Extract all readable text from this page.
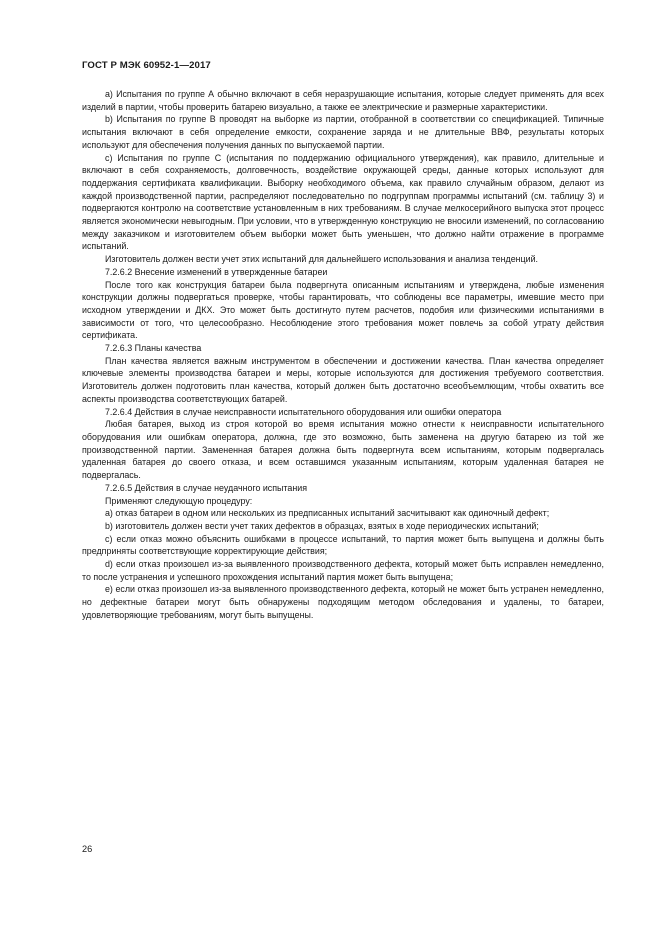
ГОСТ Р МЭК 60952-1—2017

а) Испытания по группе А обычно включают в себя неразрушающие испытания, которые следует применять для всех изделий в партии, чтобы проверить батарею визуально, а также ее электрические и размерные характеристики.

b) Испытания по группе В проводят на выборке из партии, отобранной в соответствии со спецификацией. Типичные испытания включают в себя определение емкости, сохранение заряда и не длительные ВВФ, результаты которых используют для обеспечения получения данных по выпускаемой партии.

с) Испытания по группе С (испытания по поддержанию официального утверждения), как правило, длительные и включают в себя сохраняемость, долговечность, воздействие окружающей среды, данные которых используют для поддержания сертификата квалификации. Выборку необходимого объема, как правило случайным образом, делают из каждой производственной партии, распределяют последовательно по подгруппам программы испытаний (см. таблицу 3) и подвергаются контролю на соответствие установленным в них требованиям. В случае мелкосерийного выпуска этот процесс является экономически невыгодным. При условии, что в утвержденную конструкцию не вносили изменений, по согласованию между заказчиком и изготовителем объем выборки может быть уменьшен, что должно найти отражение в программе испытаний.

Изготовитель должен вести учет этих испытаний для дальнейшего использования и анализа тенденций.

7.2.6.2 Внесение изменений в утвержденные батареи

После того как конструкция батареи была подвергнута описанным испытаниям и утверждена, любые изменения конструкции должны подвергаться проверке, чтобы гарантировать, что соблюдены все параметры, имевшие место при исходном утверждении и ДКХ. Это может быть достигнуто путем расчетов, подобия или физическими испытаниями в зависимости от того, что целесообразно. Несоблюдение этого требования может повлечь за собой утрату действия сертификата.

7.2.6.3 Планы качества

План качества является важным инструментом в обеспечении и достижении качества. План качества определяет ключевые элементы производства батареи и меры, которые используются для достижения требуемого соответствия. Изготовитель должен подготовить план качества, который должен быть достаточно всеобъемлющим, чтобы охватить все аспекты производства соответствующих батарей.

7.2.6.4 Действия в случае неисправности испытательного оборудования или ошибки оператора

Любая батарея, выход из строя которой во время испытания можно отнести к неисправности испытательного оборудования или ошибкам оператора, должна, где это возможно, быть заменена на другую батарею из той же производственной партии. Замененная батарея должна быть подвергнута всем испытаниям, которым подвергалась удаленная батарея до своего отказа, и всем оставшимся указанным испытаниям, которым удаленная батарея не подвергалась.

7.2.6.5 Действия в случае неудачного испытания

Применяют следующую процедуру:

а) отказ батареи в одном или нескольких из предписанных испытаний засчитывают как одиночный дефект;

b) изготовитель должен вести учет таких дефектов в образцах, взятых в ходе периодических испытаний;

с) если отказ можно объяснить ошибками в процессе испытаний, то партия может быть выпущена и должны быть предприняты соответствующие корректирующие действия;

d) если отказ произошел из-за выявленного производственного дефекта, который может быть исправлен немедленно, то после устранения и успешного прохождения испытаний партия может быть выпущена;

е) если отказ произошел из-за выявленного производственного дефекта, который не может быть устранен немедленно, но дефектные батареи могут быть обнаружены подходящим методом обследования и удалены, то батареи, удовлетворяющие требованиям, могут быть выпущены.

26
